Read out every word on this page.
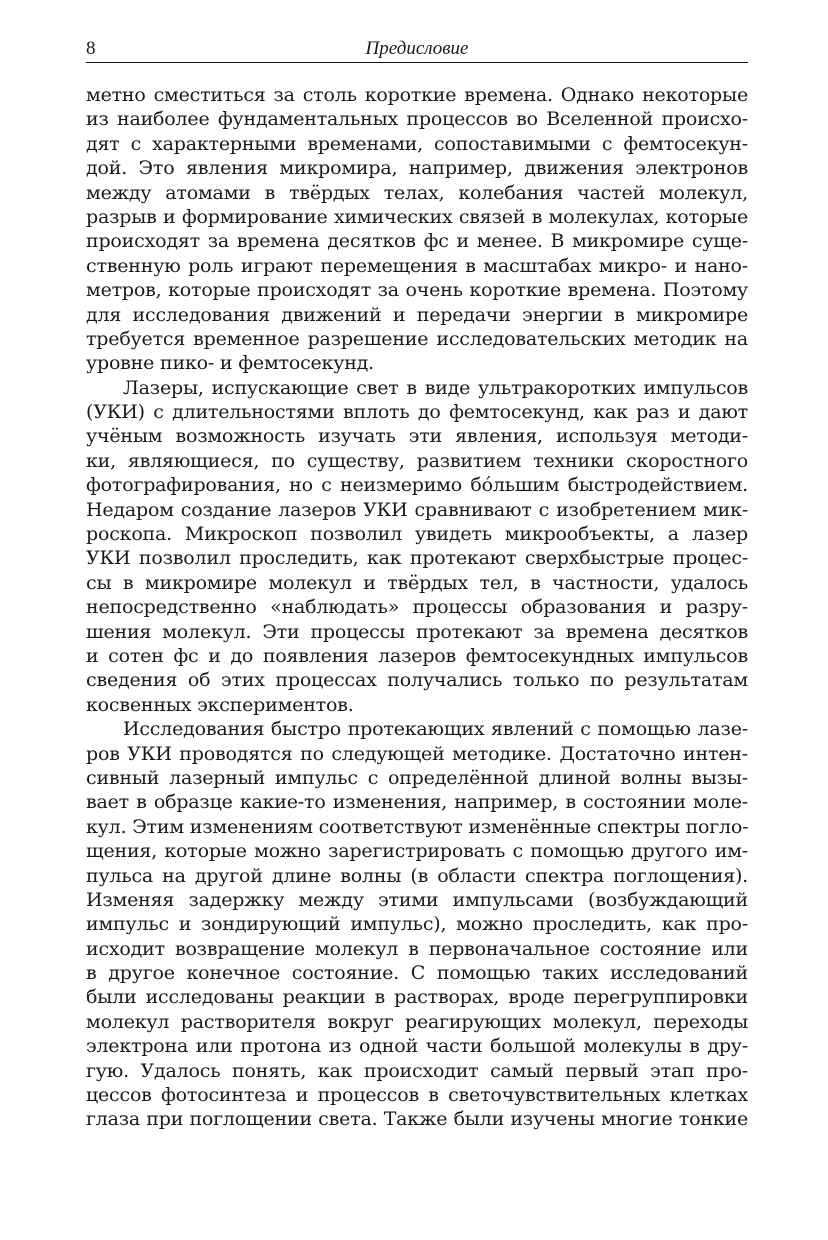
8	Предисловие
метно сместиться за столь короткие времена. Однако некоторые
из наиболее фундаментальных процессов во Вселенной происхо-
дят с характерными временами, сопоставимыми с фемтосекун-
дой. Это явления микромира, например, движения электронов
между атомами в твёрдых телах, колебания частей молекул,
разрыв и формирование химических связей в молекулах, которые
происходят за времена десятков фс и менее. В микромире суще-
ственную роль играют перемещения в масштабах микро- и нано-
метров, которые происходят за очень короткие времена. Поэтому
для исследования движений и передачи энергии в микромире
требуется временное разрешение исследовательских методик на
уровне пико- и фемтосекунд.
Лазеры, испускающие свет в виде ультракоротких импульсов
(УКИ) с длительностями вплоть до фемтосекунд, как раз и дают
учёным возможность изучать эти явления, используя методи-
ки, являющиеся, по существу, развитием техники скоростного
фотографирования, но с неизмеримо бóльшим быстродействием.
Недаром создание лазеров УКИ сравнивают с изобретением мик-
роскопа. Микроскоп позволил увидеть микрообъекты, а лазер
УКИ позволил проследить, как протекают сверхбыстрые процес-
сы в микромире молекул и твёрдых тел, в частности, удалось
непосредственно «наблюдать» процессы образования и разру-
шения молекул. Эти процессы протекают за времена десятков
и сотен фс и до появления лазеров фемтосекундных импульсов
сведения об этих процессах получались только по результатам
косвенных экспериментов.
Исследования быстро протекающих явлений с помощью лазе-
ров УКИ проводятся по следующей методике. Достаточно интен-
сивный лазерный импульс с определённой длиной волны вызы-
вает в образце какие-то изменения, например, в состоянии моле-
кул. Этим изменениям соответствуют изменённые спектры погло-
щения, которые можно зарегистрировать с помощью другого им-
пульса на другой длине волны (в области спектра поглощения).
Изменяя задержку между этими импульсами (возбуждающий
импульс и зондирующий импульс), можно проследить, как про-
исходит возвращение молекул в первоначальное состояние или
в другое конечное состояние. С помощью таких исследований
были исследованы реакции в растворах, вроде перегруппировки
молекул растворителя вокруг реагирующих молекул, переходы
электрона или протона из одной части большой молекулы в дру-
гую. Удалось понять, как происходит самый первый этап про-
цессов фотосинтеза и процессов в светочувствительных клетках
глаза при поглощении света. Также были изучены многие тонкие
